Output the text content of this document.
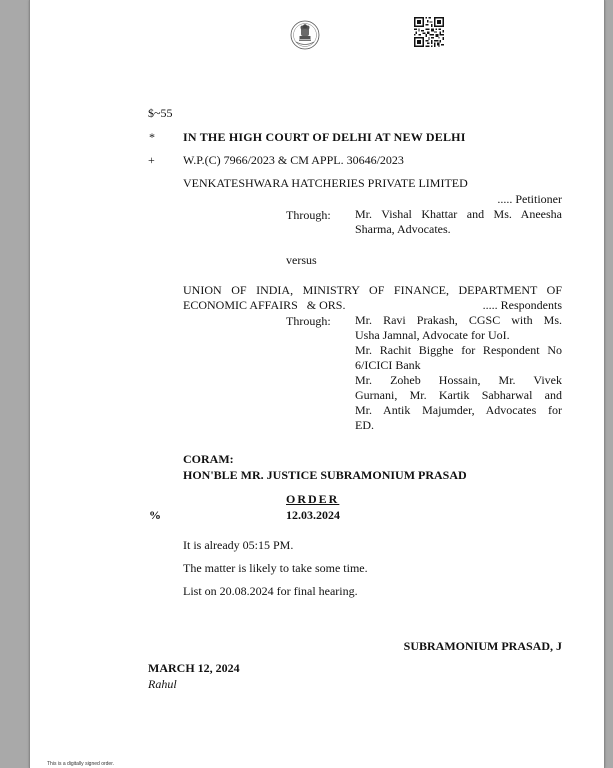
$~55
* IN THE HIGH COURT OF DELHI AT NEW DELHI
+ W.P.(C) 7966/2023 & CM APPL. 30646/2023
VENKATESHWARA HATCHERIES PRIVATE LIMITED
..... Petitioner
Through: Mr. Vishal Khattar and Ms. Aneesha
Sharma, Advocates.
versus
UNION OF INDIA, MINISTRY OF FINANCE, DEPARTMENT OF
ECONOMIC AFFAIRS   & ORS.	..... Respondents
Through: Mr. Ravi Prakash, CGSC with Ms.
Usha Jamnal, Advocate for UoI.
Mr. Rachit Bigghe for Respondent No
6/ICICI Bank
Mr. Zoheb Hossain, Mr. Vivek
Gurnani, Mr. Kartik Sabharwal and
Mr. Antik Majumder, Advocates for
ED.
CORAM:
HON'BLE MR. JUSTICE SUBRAMONIUM PRASAD
ORDER
%	12.03.2024
It is already 05:15 PM.
The matter is likely to take some time.
List on 20.08.2024 for final hearing.
SUBRAMONIUM PRASAD, J
MARCH 12, 2024
Rahul
This is a digitally signed order.
